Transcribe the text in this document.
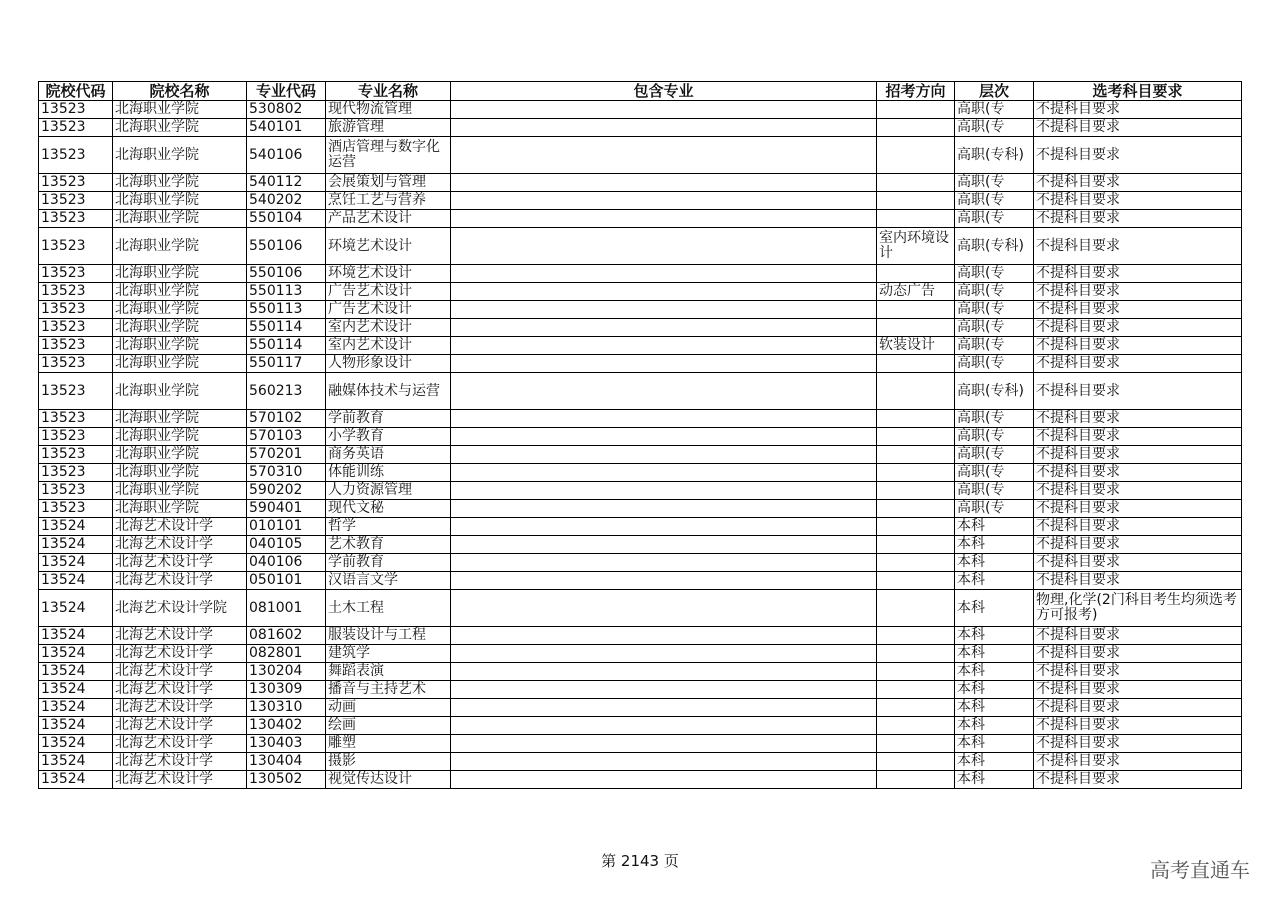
院校代码	院校名称	专业代码	专业名称	包含专业	招考方向	层次	选考科目要求
13523	北海职业学院	530802	现代物流管理			高职(专	不提科目要求
13523	北海职业学院	540101	旅游管理			高职(专	不提科目要求
13523	北海职业学院	540106	酒店管理与数字化运营			高职(专科)	不提科目要求
13523	北海职业学院	540112	会展策划与管理			高职(专	不提科目要求
13523	北海职业学院	540202	烹饪工艺与营养			高职(专	不提科目要求
13523	北海职业学院	550104	产品艺术设计			高职(专	不提科目要求
13523	北海职业学院	550106	环境艺术设计		室内环境设计	高职(专科)	不提科目要求
13523	北海职业学院	550106	环境艺术设计			高职(专	不提科目要求
13523	北海职业学院	550113	广告艺术设计		动态广告	高职(专	不提科目要求
13523	北海职业学院	550113	广告艺术设计			高职(专	不提科目要求
13523	北海职业学院	550114	室内艺术设计			高职(专	不提科目要求
13523	北海职业学院	550114	室内艺术设计		软装设计	高职(专	不提科目要求
13523	北海职业学院	550117	人物形象设计			高职(专	不提科目要求
13523	北海职业学院	560213	融媒体技术与运营			高职(专科)	不提科目要求
13523	北海职业学院	570102	学前教育			高职(专	不提科目要求
13523	北海职业学院	570103	小学教育			高职(专	不提科目要求
13523	北海职业学院	570201	商务英语			高职(专	不提科目要求
13523	北海职业学院	570310	体能训练			高职(专	不提科目要求
13523	北海职业学院	590202	人力资源管理			高职(专	不提科目要求
13523	北海职业学院	590401	现代文秘			高职(专	不提科目要求
13524	北海艺术设计学	010101	哲学			本科	不提科目要求
13524	北海艺术设计学	040105	艺术教育			本科	不提科目要求
13524	北海艺术设计学	040106	学前教育			本科	不提科目要求
13524	北海艺术设计学	050101	汉语言文学			本科	不提科目要求
13524	北海艺术设计学院	081001	土木工程			本科	物理,化学(2门科目考生均须选考方可报考)
13524	北海艺术设计学	081602	服装设计与工程			本科	不提科目要求
13524	北海艺术设计学	082801	建筑学			本科	不提科目要求
13524	北海艺术设计学	130204	舞蹈表演			本科	不提科目要求
13524	北海艺术设计学	130309	播音与主持艺术			本科	不提科目要求
13524	北海艺术设计学	130310	动画			本科	不提科目要求
13524	北海艺术设计学	130402	绘画			本科	不提科目要求
13524	北海艺术设计学	130403	雕塑			本科	不提科目要求
13524	北海艺术设计学	130404	摄影			本科	不提科目要求
13524	北海艺术设计学	130502	视觉传达设计			本科	不提科目要求
第 2143 页	高考直通车
